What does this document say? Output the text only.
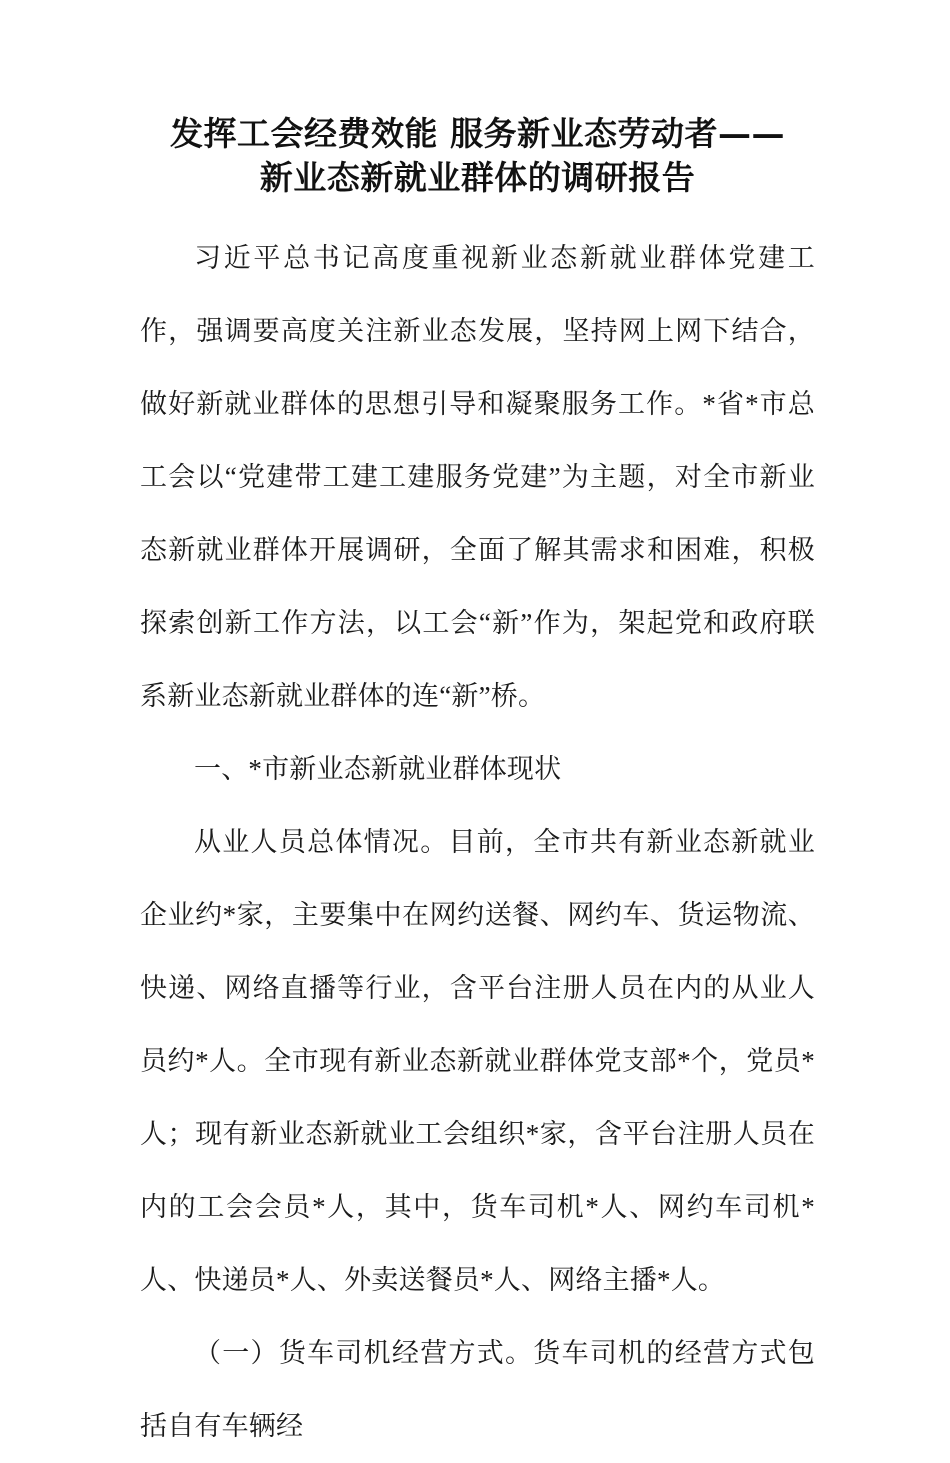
发挥工会经费效能 服务新业态劳动者——
新业态新就业群体的调研报告

习近平总书记高度重视新业态新就业群体党建工作，强调要高度关注新业态发展，坚持网上网下结合，做好新就业群体的思想引导和凝聚服务工作。*省*市总工会以“党建带工建工建服务党建”为主题，对全市新业态新就业群体开展调研，全面了解其需求和困难，积极探索创新工作方法，以工会“新”作为，架起党和政府联系新业态新就业群体的连“新”桥。

一、*市新业态新就业群体现状

从业人员总体情况。目前，全市共有新业态新就业企业约*家，主要集中在网约送餐、网约车、货运物流、快递、网络直播等行业，含平台注册人员在内的从业人员约*人。全市现有新业态新就业群体党支部*个，党员*人；现有新业态新就业工会组织*家，含平台注册人员在内的工会会员*人，其中，货车司机*人、网约车司机*人、快递员*人、外卖送餐员*人、网络主播*人。

（一）货车司机经营方式。货车司机的经营方式包括自有车辆经
